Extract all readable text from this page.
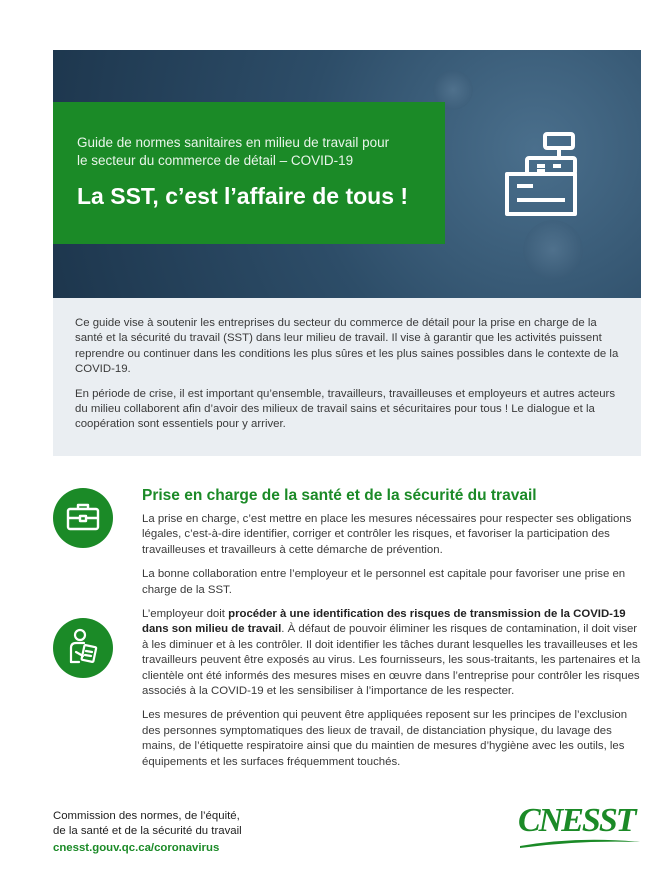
Guide de normes sanitaires en milieu de travail pour
le secteur du commerce de détail – COVID-19
La SST, c’est l’affaire de tous !

Ce guide vise à soutenir les entreprises du secteur du commerce de détail pour la prise en charge de la santé et la sécurité du travail (SST) dans leur milieu de travail. Il vise à garantir que les activités puissent reprendre ou continuer dans les conditions les plus sûres et les plus saines possibles dans le contexte de la COVID-19.

En période de crise, il est important qu’ensemble, travailleurs, travailleuses et employeurs et autres acteurs du milieu collaborent afin d’avoir des milieux de travail sains et sécuritaires pour tous ! Le dialogue et la coopération sont essentiels pour y arriver.

Prise en charge de la santé et de la sécurité du travail

La prise en charge, c’est mettre en place les mesures nécessaires pour respecter ses obligations légales, c’est-à-dire identifier, corriger et contrôler les risques, et favoriser la participation des travailleuses et travailleurs à cette démarche de prévention.

La bonne collaboration entre l’employeur et le personnel est capitale pour favoriser une prise en charge de la SST.

L’employeur doit procéder à une identification des risques de transmission de la COVID-19 dans son milieu de travail. À défaut de pouvoir éliminer les risques de contamination, il doit viser à les diminuer et à les contrôler. Il doit identifier les tâches durant lesquelles les travailleuses et les travailleurs peuvent être exposés au virus. Les fournisseurs, les sous-traitants, les partenaires et la clientèle ont été informés des mesures mises en œuvre dans l’entreprise pour contrôler les risques associés à la COVID-19 et les sensibiliser à l’importance de les respecter.

Les mesures de prévention qui peuvent être appliquées reposent sur les principes de l’exclusion des personnes symptomatiques des lieux de travail, de distanciation physique, du lavage des mains, de l’étiquette respiratoire ainsi que du maintien de mesures d’hygiène avec les outils, les équipements et les surfaces fréquemment touchés.

Commission des normes, de l’équité,
de la santé et de la sécurité du travail
cnesst.gouv.qc.ca/coronavirus
CNESST
